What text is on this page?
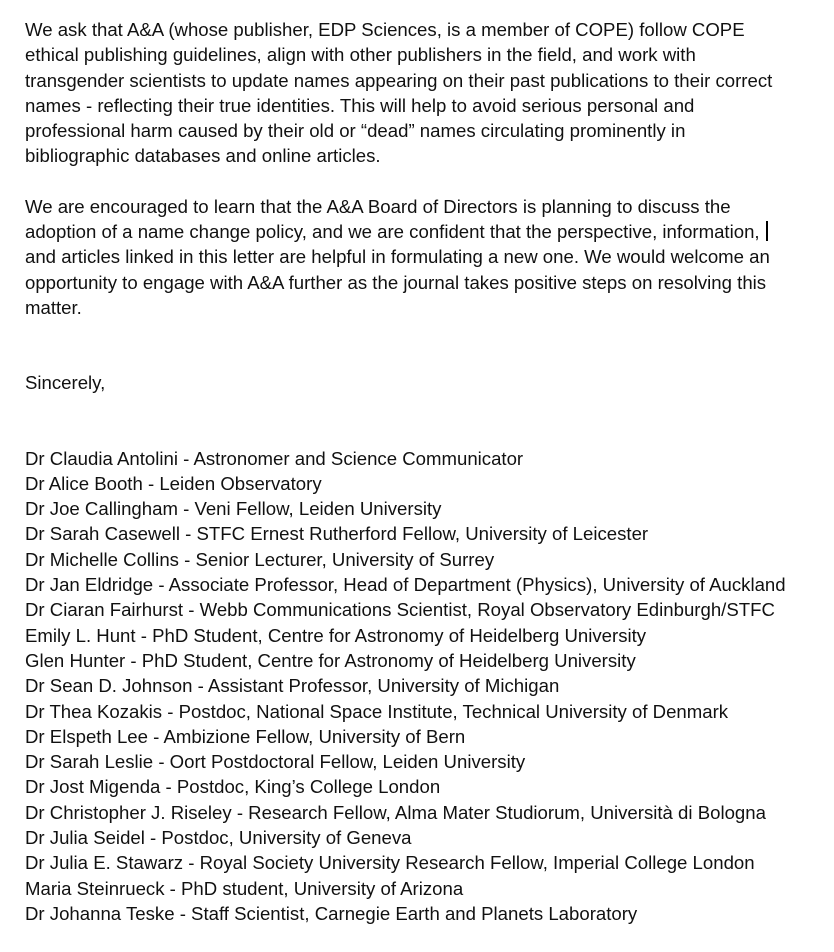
We ask that A&A (whose publisher, EDP Sciences, is a member of COPE) follow COPE
ethical publishing guidelines, align with other publishers in the field, and work with
transgender scientists to update names appearing on their past publications to their correct
names - reflecting their true identities. This will help to avoid serious personal and
professional harm caused by their old or “dead” names circulating prominently in
bibliographic databases and online articles.

We are encouraged to learn that the A&A Board of Directors is planning to discuss the
adoption of a name change policy, and we are confident that the perspective, information,
and articles linked in this letter are helpful in formulating a new one. We would welcome an
opportunity to engage with A&A further as the journal takes positive steps on resolving this
matter.

Sincerely,

Dr Claudia Antolini - Astronomer and Science Communicator
Dr Alice Booth - Leiden Observatory
Dr Joe Callingham - Veni Fellow, Leiden University
Dr Sarah Casewell - STFC Ernest Rutherford Fellow, University of Leicester
Dr Michelle Collins - Senior Lecturer, University of Surrey
Dr Jan Eldridge - Associate Professor, Head of Department (Physics), University of Auckland
Dr Ciaran Fairhurst - Webb Communications Scientist, Royal Observatory Edinburgh/STFC
Emily L. Hunt - PhD Student, Centre for Astronomy of Heidelberg University
Glen Hunter - PhD Student, Centre for Astronomy of Heidelberg University
Dr Sean D. Johnson - Assistant Professor, University of Michigan
Dr Thea Kozakis - Postdoc, National Space Institute, Technical University of Denmark
Dr Elspeth Lee - Ambizione Fellow, University of Bern
Dr Sarah Leslie - Oort Postdoctoral Fellow, Leiden University
Dr Jost Migenda - Postdoc, King’s College London
Dr Christopher J. Riseley - Research Fellow, Alma Mater Studiorum, Università di Bologna
Dr Julia Seidel - Postdoc, University of Geneva
Dr Julia E. Stawarz - Royal Society University Research Fellow, Imperial College London
Maria Steinrueck - PhD student, University of Arizona
Dr Johanna Teske - Staff Scientist, Carnegie Earth and Planets Laboratory
